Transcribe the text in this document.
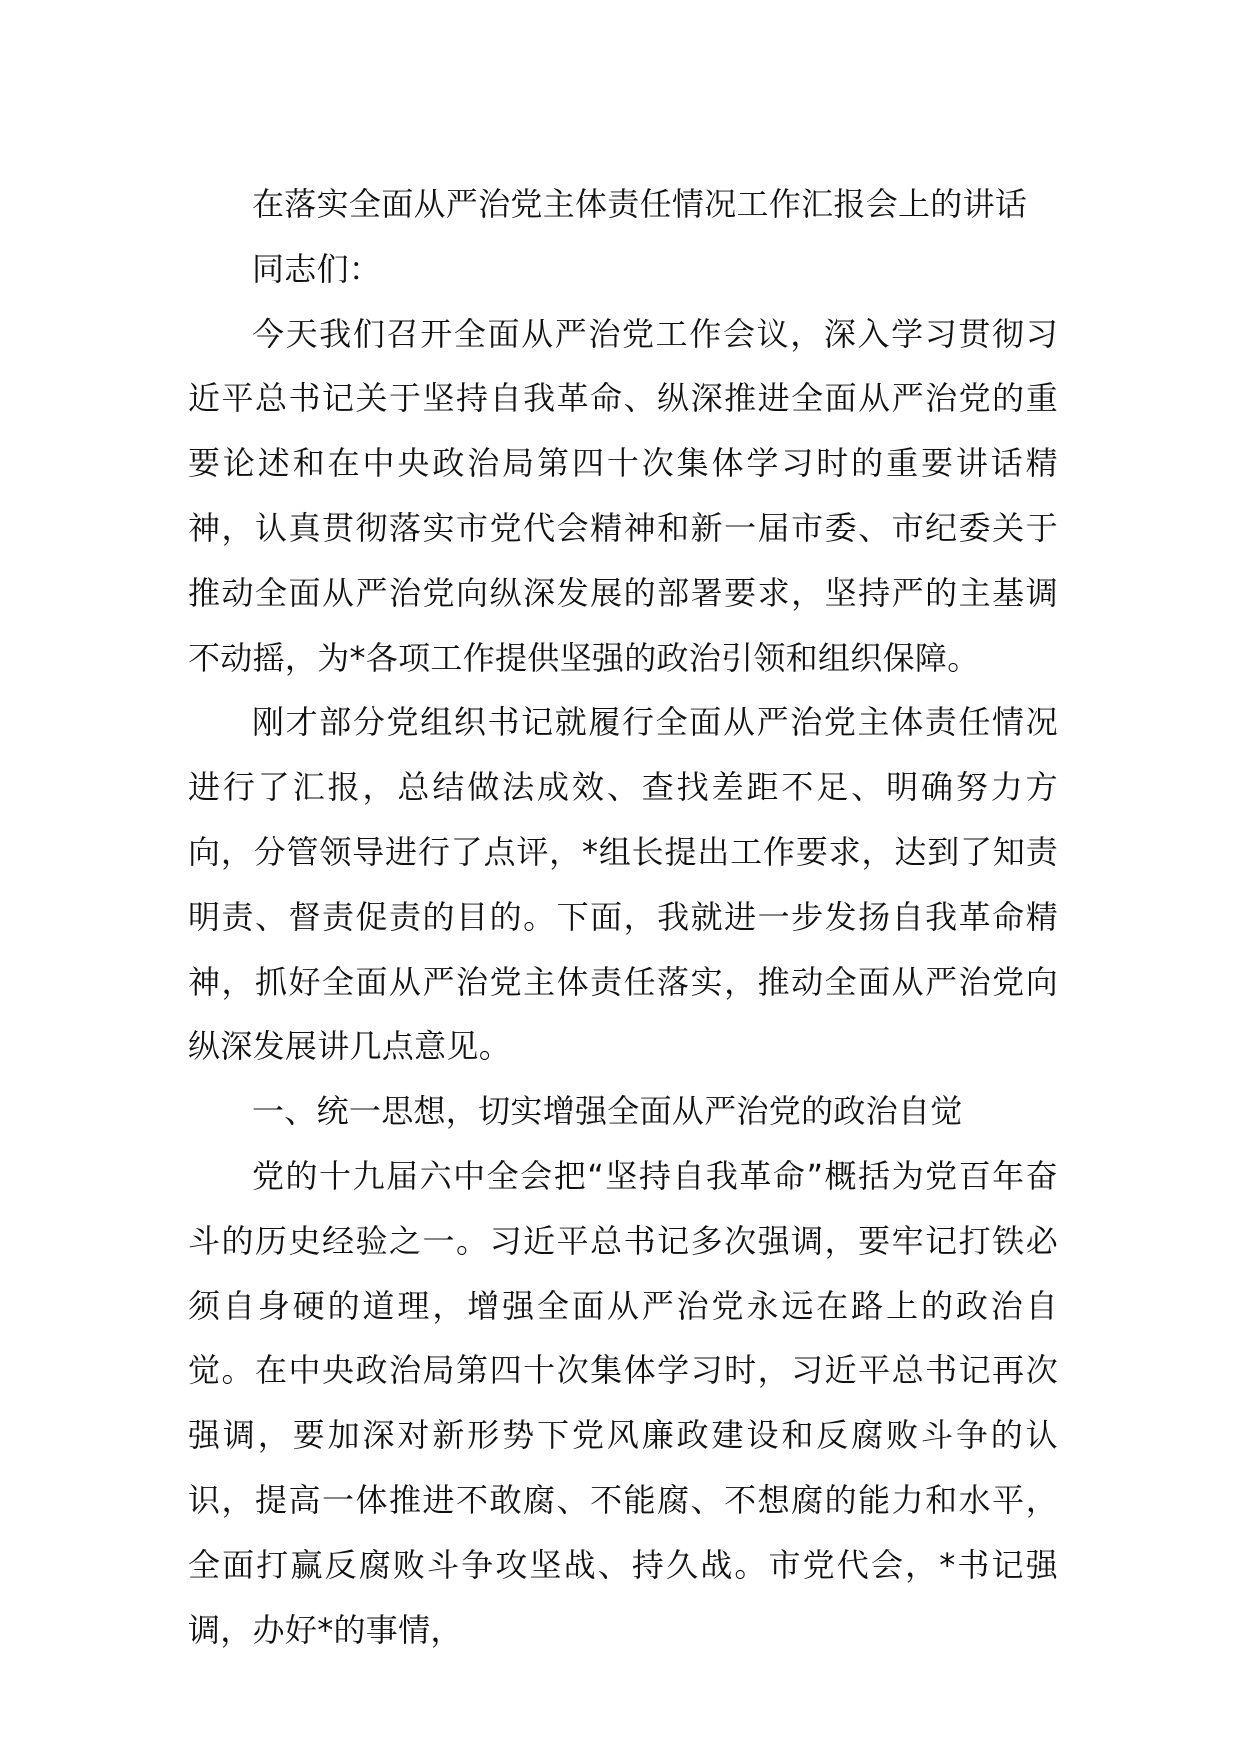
在落实全面从严治党主体责任情况工作汇报会上的讲话

同志们：

今天我们召开全面从严治党工作会议，深入学习贯彻习近平总书记关于坚持自我革命、纵深推进全面从严治党的重要论述和在中央政治局第四十次集体学习时的重要讲话精神，认真贯彻落实市党代会精神和新一届市委、市纪委关于推动全面从严治党向纵深发展的部署要求，坚持严的主基调不动摇，为*各项工作提供坚强的政治引领和组织保障。

刚才部分党组织书记就履行全面从严治党主体责任情况进行了汇报，总结做法成效、查找差距不足、明确努力方向，分管领导进行了点评，*组长提出工作要求，达到了知责明责、督责促责的目的。下面，我就进一步发扬自我革命精神，抓好全面从严治党主体责任落实，推动全面从严治党向纵深发展讲几点意见。

一、统一思想，切实增强全面从严治党的政治自觉

党的十九届六中全会把“坚持自我革命”概括为党百年奋斗的历史经验之一。习近平总书记多次强调，要牢记打铁必须自身硬的道理，增强全面从严治党永远在路上的政治自觉。在中央政治局第四十次集体学习时，习近平总书记再次强调，要加深对新形势下党风廉政建设和反腐败斗争的认识，提高一体推进不敢腐、不能腐、不想腐的能力和水平，全面打赢反腐败斗争攻坚战、持久战。市党代会，*书记强调，办好*的事情，
